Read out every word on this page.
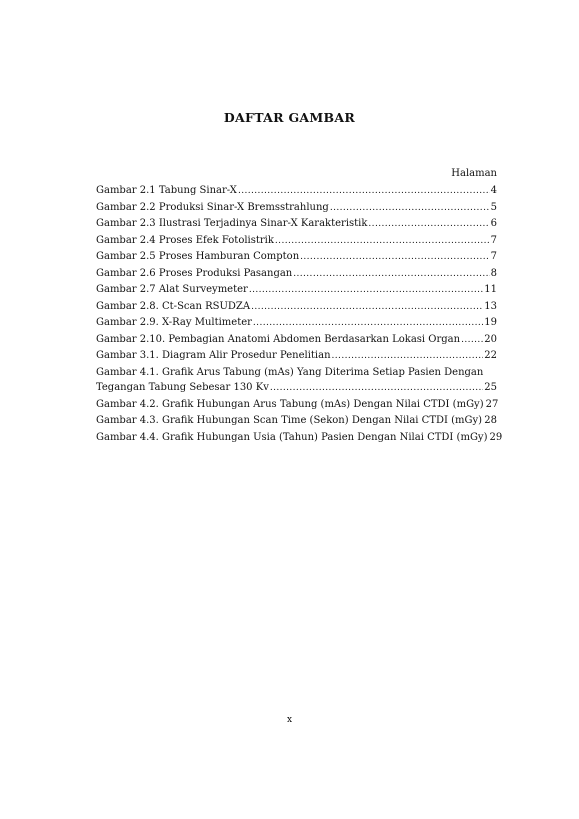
DAFTAR GAMBAR
Halaman
Gambar 2.1 Tabung Sinar-X .....	4
Gambar 2.2 Produksi Sinar-X Bremsstrahlung .....	5
Gambar 2.3 Ilustrasi Terjadinya Sinar-X Karakteristik .....	6
Gambar 2.4 Proses Efek Fotolistrik .....	7
Gambar 2.5 Proses Hamburan Compton .....	7
Gambar 2.6 Proses Produksi Pasangan .....	8
Gambar 2.7 Alat Surveymeter .....	11
Gambar 2.8. Ct-Scan RSUDZA .....	13
Gambar 2.9. X-Ray Multimeter .....	19
Gambar 2.10. Pembagian Anatomi Abdomen Berdasarkan Lokasi Organ ..... 20
Gambar 3.1. Diagram Alir Prosedur Penelitian .....	22
Gambar 4.1. Grafik Arus Tabung (mAs) Yang Diterima Setiap Pasien Dengan
Tegangan Tabung Sebesar 130 Kv .....	25
Gambar 4.2. Grafik Hubungan Arus Tabung (mAs) Dengan Nilai CTDI (mGy) 27
Gambar 4.3. Grafik Hubungan Scan Time (Sekon) Dengan Nilai CTDI (mGy) ..... 28
Gambar 4.4. Grafik Hubungan Usia (Tahun) Pasien Dengan Nilai CTDI (mGy) 29
x
